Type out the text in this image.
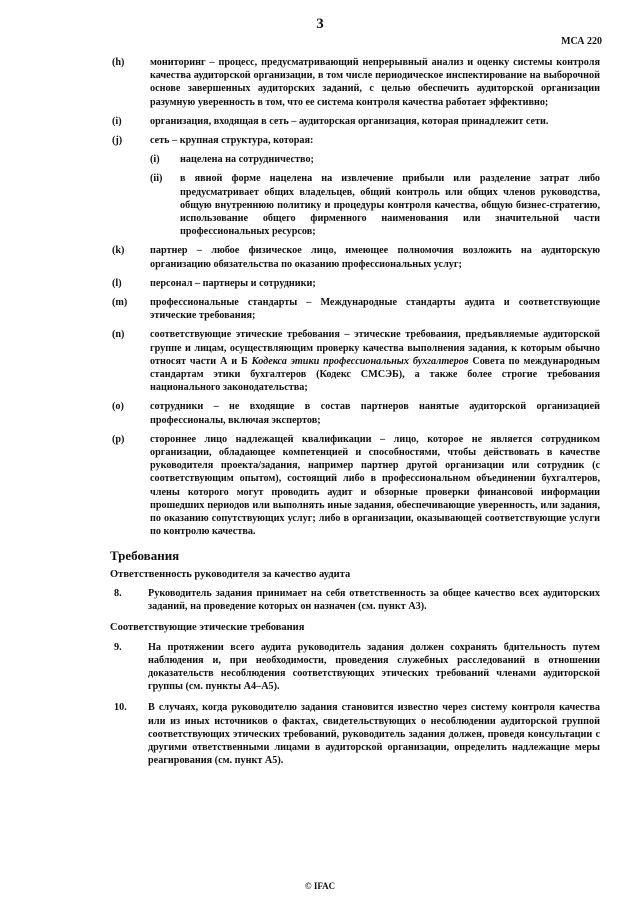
3
МСА 220
(h)	мониторинг – процесс, предусматривающий непрерывный анализ и оценку системы контроля качества аудиторской организации, в том числе периодическое инспектирование на выборочной основе завершенных аудиторских заданий, с целью обеспечить аудиторской организации разумную уверенность в том, что ее система контроля качества работает эффективно;
(i)	организация, входящая в сеть – аудиторская организация, которая принадлежит сети.
(j)	сеть – крупная структура, которая:
(i)	нацелена на сотрудничество;
(ii)	в явной форме нацелена на извлечение прибыли или разделение затрат либо предусматривает общих владельцев, общий контроль или общих членов руководства, общую внутреннюю политику и процедуры контроля качества, общую бизнес-стратегию, использование общего фирменного наименования или значительной части профессиональных ресурсов;
(k)	партнер – любое физическое лицо, имеющее полномочия возложить на аудиторскую организацию обязательства по оказанию профессиональных услуг;
(l)	персонал – партнеры и сотрудники;
(m)	профессиональные стандарты – Международные стандарты аудита и соответствующие этические требования;
(n)	соответствующие этические требования – этические требования, предъявляемые аудиторской группе и лицам, осуществляющим проверку качества выполнения задания, к которым обычно относят части А и Б Кодекса этики профессиональных бухгалтеров Совета по международным стандартам этики бухгалтеров (Кодекс СМСЭБ), а также более строгие требования национального законодательства;
(o)	сотрудники – не входящие в состав партнеров нанятые аудиторской организацией профессионалы, включая экспертов;
(p)	стороннее лицо надлежащей квалификации – лицо, которое не является сотрудником организации, обладающее компетенцией и способностями, чтобы действовать в качестве руководителя проекта/задания, например партнер другой организации или сотрудник (с соответствующим опытом), состоящий либо в профессиональном объединении бухгалтеров, члены которого могут проводить аудит и обзорные проверки финансовой информации прошедших периодов или выполнять иные задания, обеспечивающие уверенность, или задания, по оказанию сопутствующих услуг; либо в организации, оказывающей соответствующие услуги по контролю качества.
Требования
Ответственность руководителя за качество аудита
8.	Руководитель задания принимает на себя ответственность за общее качество всех аудиторских заданий, на проведение которых он назначен (см. пункт А3).
Соответствующие этические требования
9.	На протяжении всего аудита руководитель задания должен сохранять бдительность путем наблюдения и, при необходимости, проведения служебных расследований в отношении доказательств несоблюдения соответствующих этических требований членами аудиторской группы (см. пункты А4–А5).
10.	В случаях, когда руководителю задания становится известно через систему контроля качества или из иных источников о фактах, свидетельствующих о несоблюдении аудиторской группой соответствующих этических требований, руководитель задания должен, проведя консультации с другими ответственными лицами в аудиторской организации, определить надлежащие меры реагирования (см. пункт А5).
© IFAC
